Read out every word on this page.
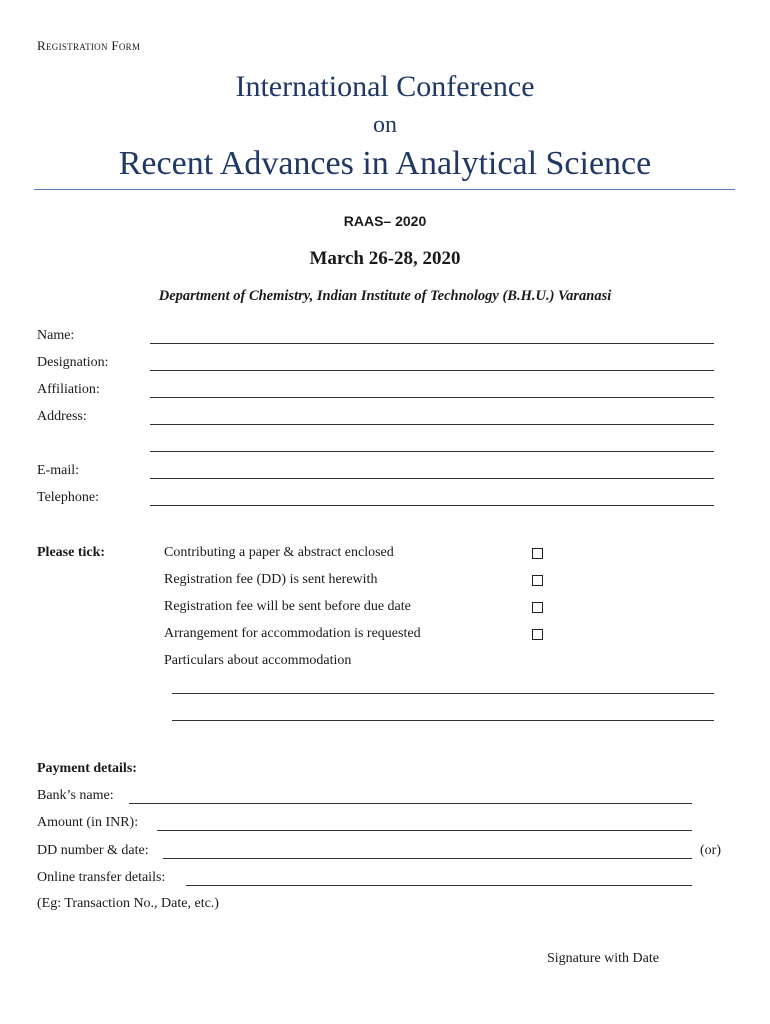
Registration Form
International Conference
on
Recent Advances in Analytical Science
RAAS– 2020
March 26-28, 2020
Department of Chemistry, Indian Institute of Technology (B.H.U.) Varanasi
Name:
Designation:
Affiliation:
Address:
E-mail:
Telephone:
Please tick:	Contributing a paper & abstract enclosed
Registration fee (DD) is sent herewith
Registration fee will be sent before due date
Arrangement for accommodation is requested
Particulars about accommodation
Payment details:
Bank’s name:
Amount (in INR):
DD number & date:	(or)
Online transfer details:
(Eg: Transaction No., Date, etc.)
Signature with Date
